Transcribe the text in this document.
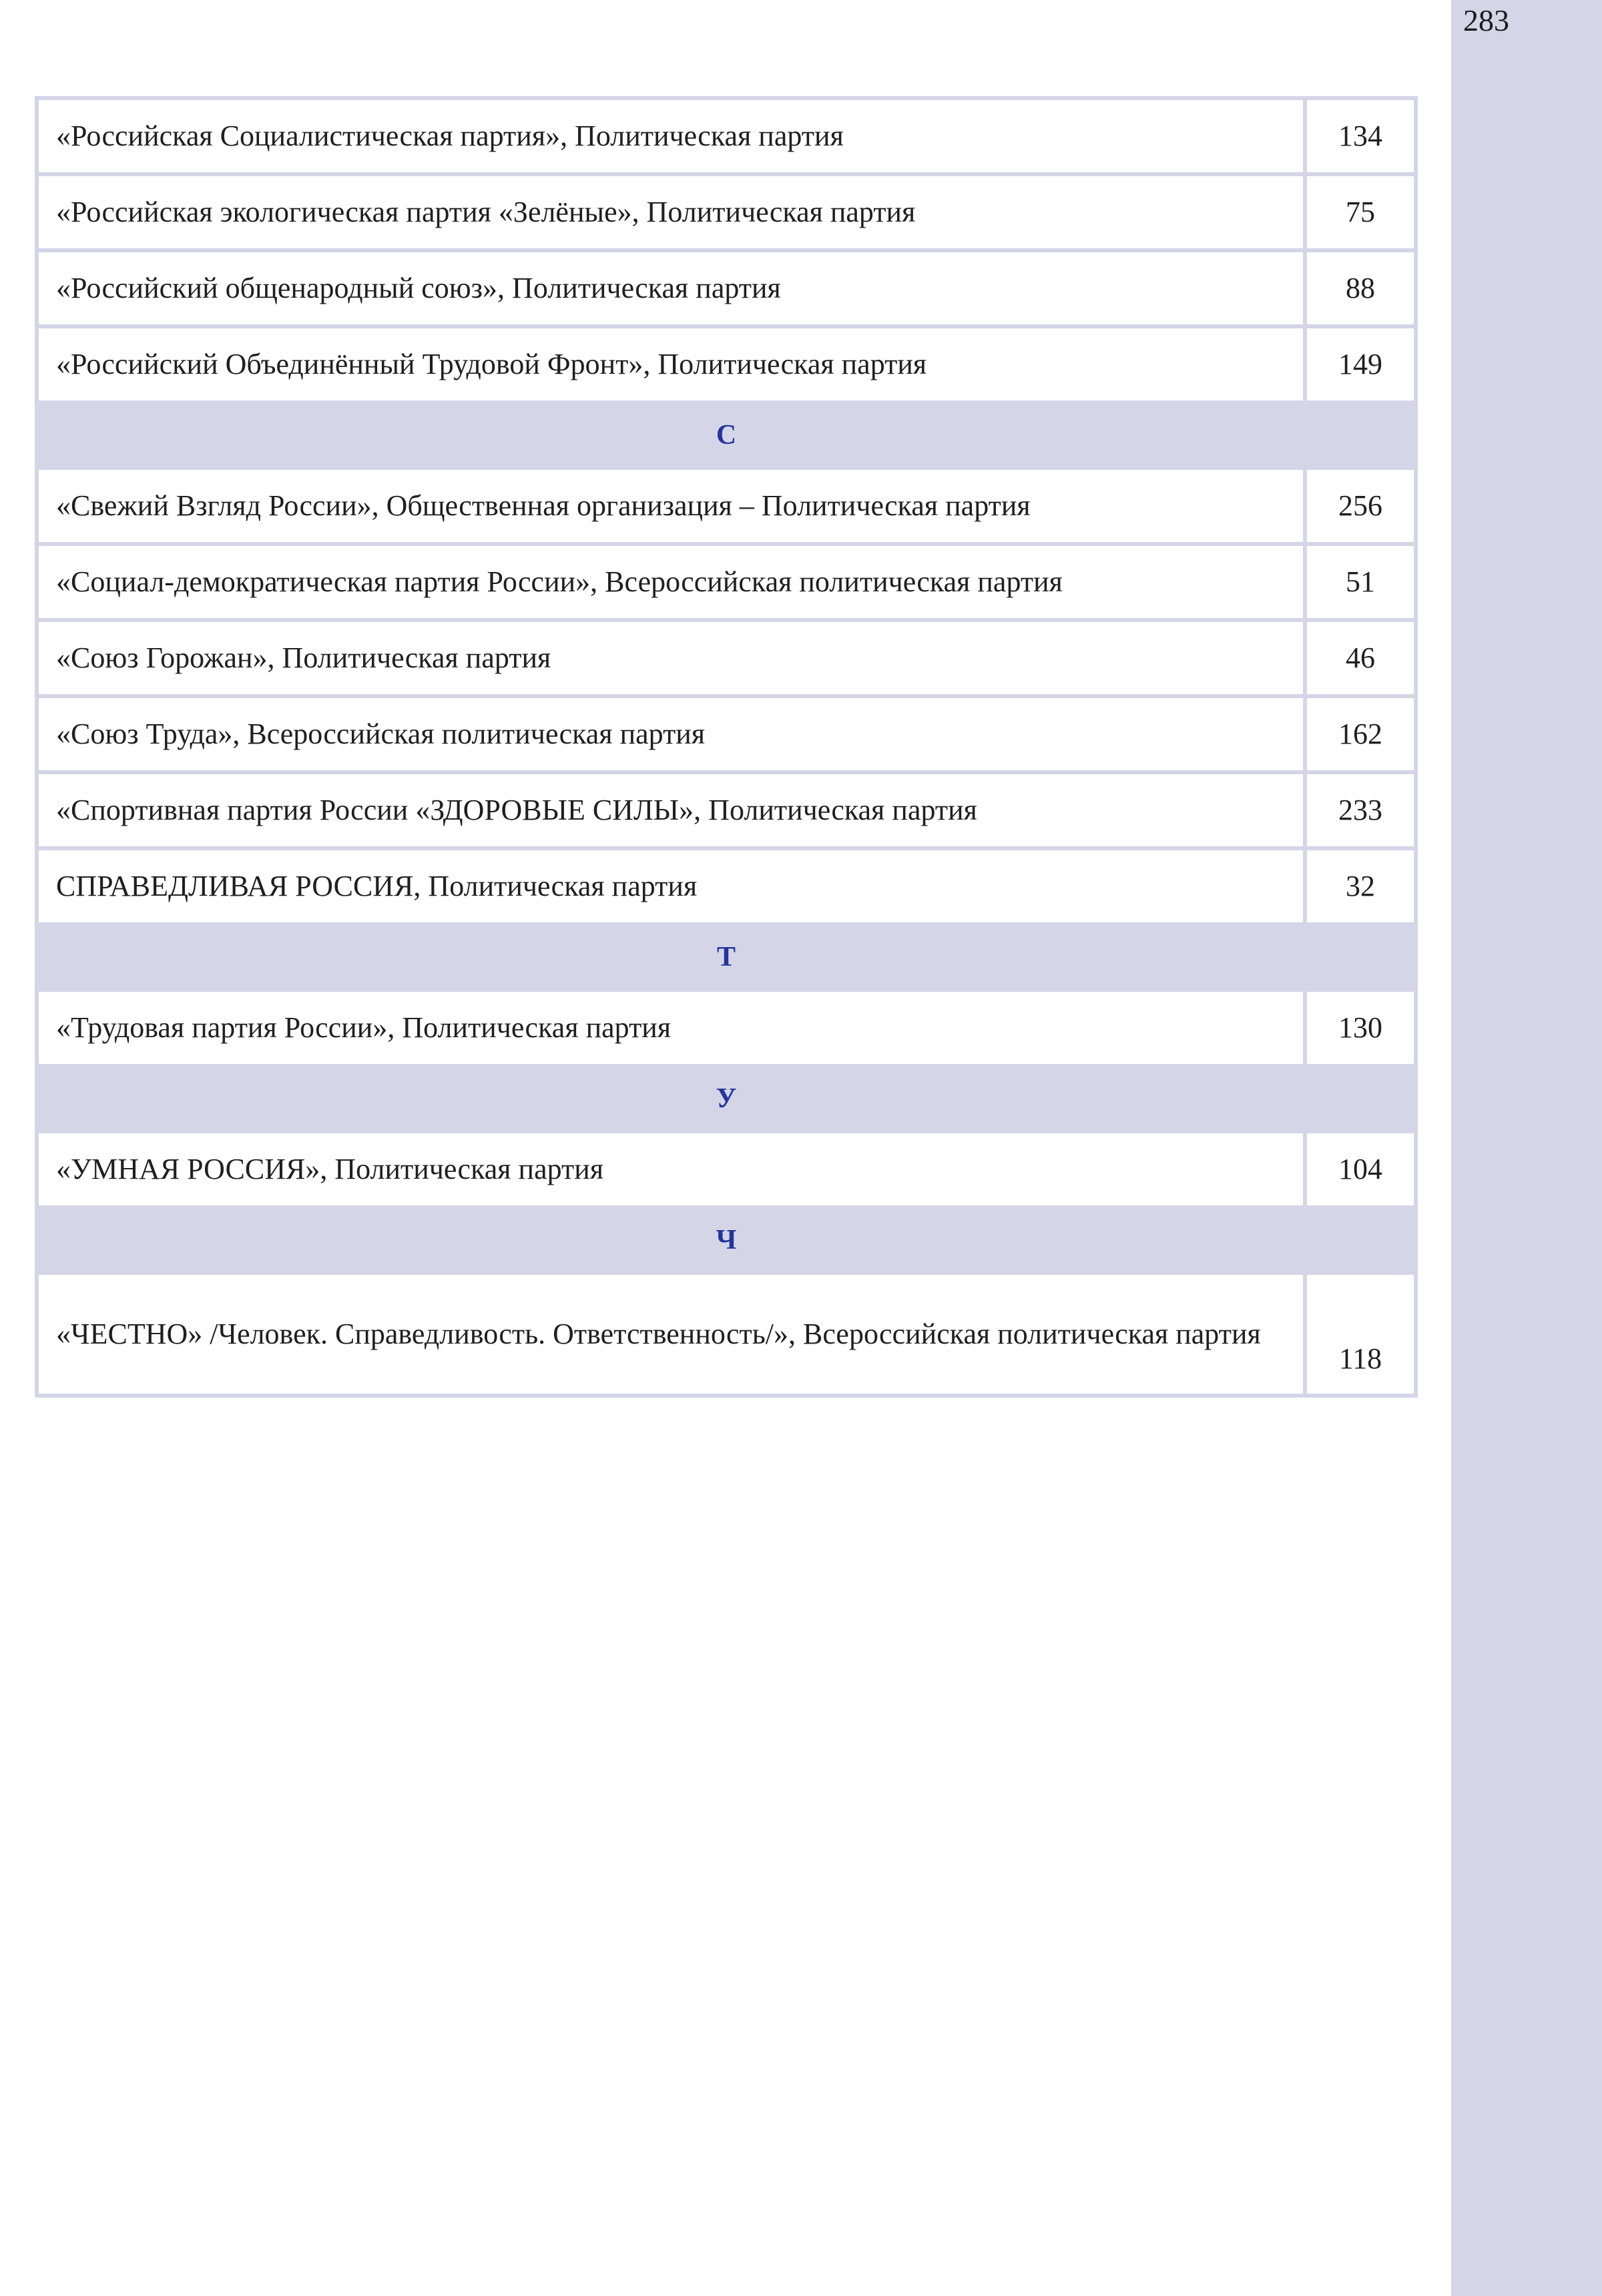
283
«Российская Социалистическая партия», Политическая партия	134
«Российская экологическая партия «Зелёные», Политическая партия	75
«Российский общенародный союз», Политическая партия	88
«Российский Объединённый Трудовой Фронт», Политическая партия	149
С	
«Свежий Взгляд России», Общественная организация – Политическая партия	256
«Социал-демократическая партия России», Всероссийская политическая партия	51
«Союз Горожан», Политическая партия	46
«Союз Труда», Всероссийская политическая партия	162
«Спортивная партия России «ЗДОРОВЫЕ СИЛЫ», Политическая партия	233
СПРАВЕДЛИВАЯ РОССИЯ, Политическая партия	32
Т	
«Трудовая партия России», Политическая партия	130
У	
«УМНАЯ РОССИЯ», Политическая партия	104
Ч	
«ЧЕСТНО» /Человек. Справедливость. Ответственность/», Всероссийская политическая партия	118
